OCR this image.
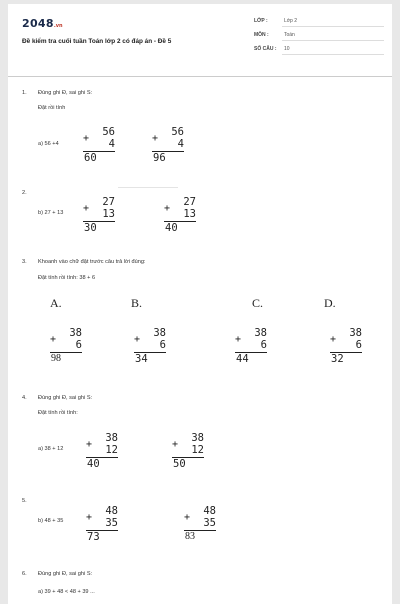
2048.vn
Đề kiểm tra cuối tuần Toán lớp 2 có đáp án - Đề 5
LỚP :	Lớp 2
MÔN :	Toán
SỐ CÂU : 10
1. Đúng ghi Đ, sai ghi S:
Đặt rồi tính
a) 56 +4
56
+ 4
60
56
+ 4
96
2.
b) 27 + 13
27
+ 13
30
27
+ 13
40
3. Khoanh vào chữ đặt trước câu trả lời đúng:
Đặt tính rồi tính: 38 + 6
A.	B.	C.	D.
38
+ 6
98
38
+ 6
34
38
+ 6
44
38
+ 6
32
4. Đúng ghi Đ, sai ghi S:
Đặt tính rồi tính:
a) 38 + 12
38
+ 12
40
38
+ 12
50
5.
b) 48 + 35
48
+ 35
73
48
+ 35
83
6. Đúng ghi Đ, sai ghi S:
a) 39 + 48 < 48 + 39 ...
